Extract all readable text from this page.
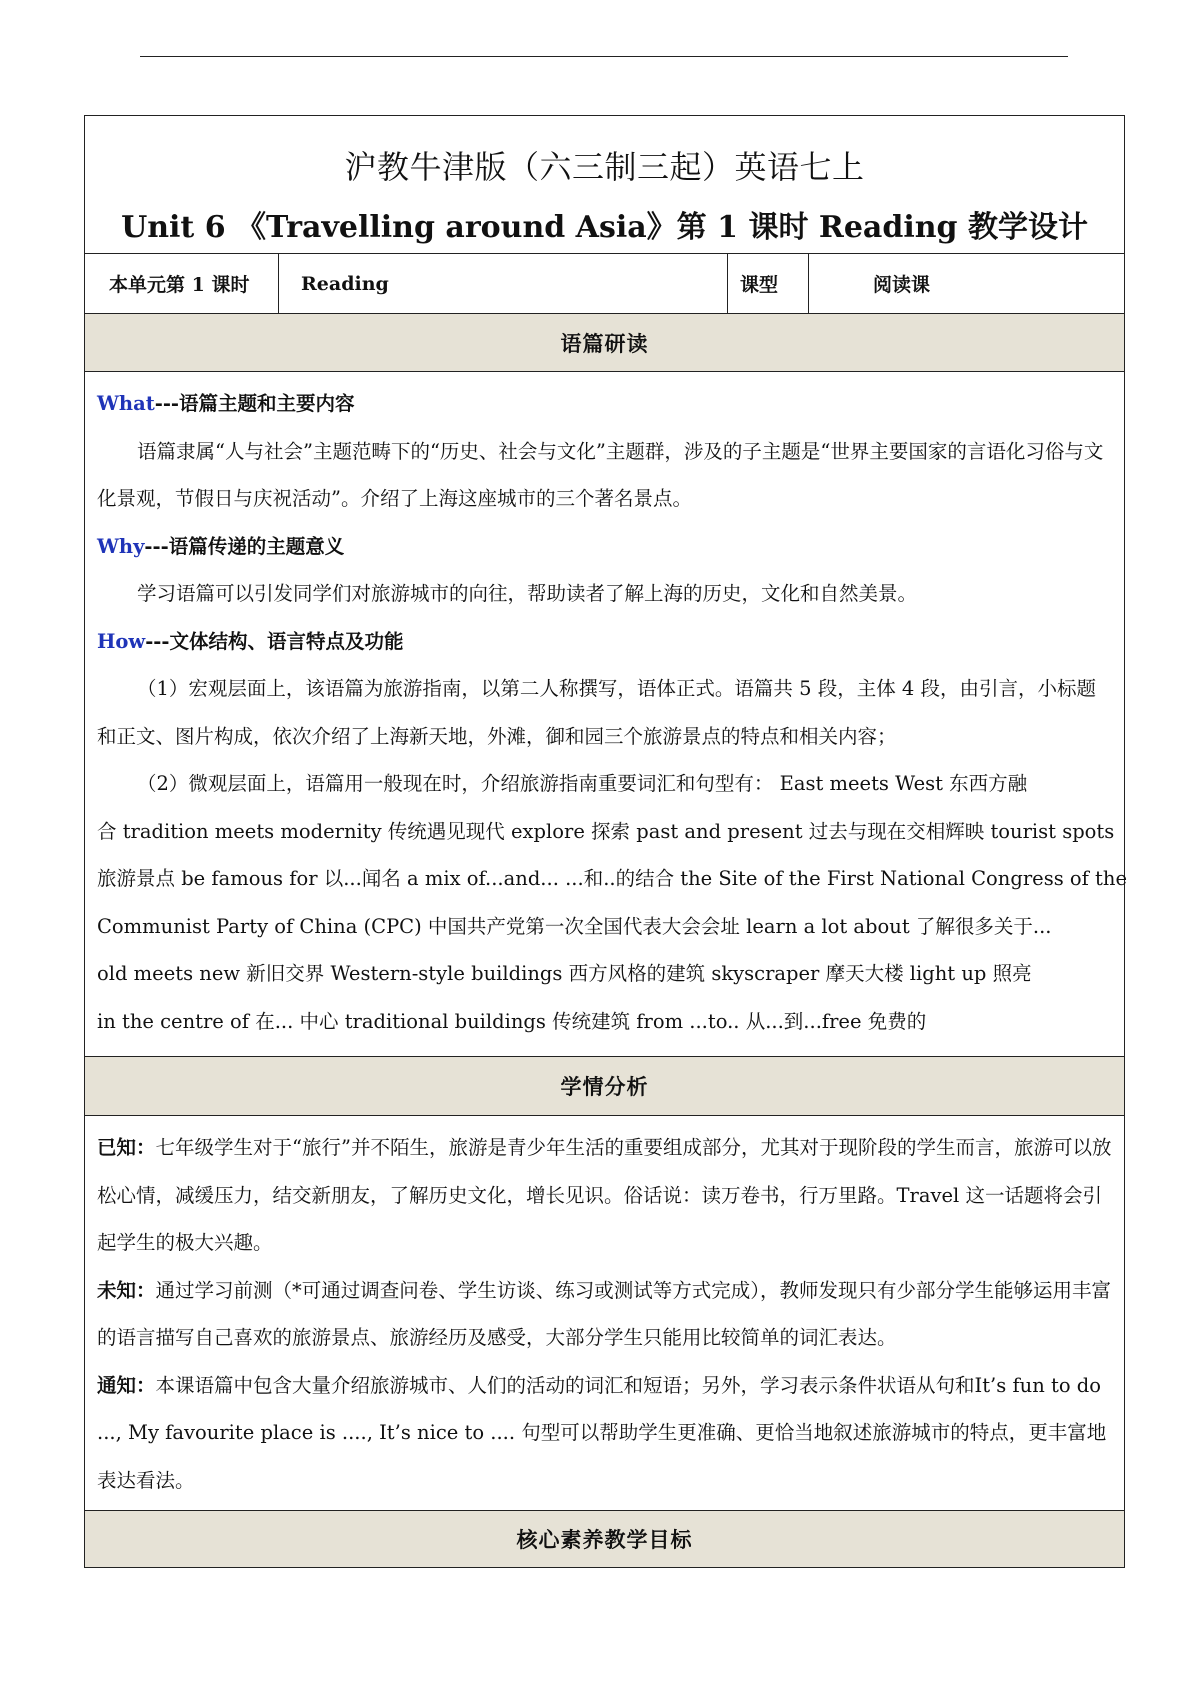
沪教牛津版（六三制三起）英语七上
Unit 6 《Travelling around Asia》第 1 课时 Reading 教学设计

本单元第 1 课时	Reading	课型	阅读课
语篇研读

What---语篇主题和主要内容

语篇隶属“人与社会”主题范畴下的“历史、社会与文化”主题群，涉及的子主题是“世界主要国家的言语化习俗与文化景观，节假日与庆祝活动”。介绍了上海这座城市的三个著名景点。

Why---语篇传递的主题意义

学习语篇可以引发同学们对旅游城市的向往，帮助读者了解上海的历史，文化和自然美景。

How---文体结构、语言特点及功能

（1）宏观层面上，该语篇为旅游指南，以第二人称撰写，语体正式。语篇共 5 段，主体 4 段，由引言，小标题和正文、图片构成，依次介绍了上海新天地，外滩，御和园三个旅游景点的特点和相关内容；

（2）微观层面上，语篇用一般现在时，介绍旅游指南重要词汇和句型有： East meets West 东西方融
合 tradition meets modernity 传统遇见现代 explore 探索 past and present 过去与现在交相辉映 tourist spots
旅游景点 be famous for 以...闻名 a mix of...and... ...和..的结合 the Site of the First National Congress of the
Communist Party of China (CPC) 中国共产党第一次全国代表大会会址 learn a lot about 了解很多关于...
old meets new 新旧交界 Western-style buildings 西方风格的建筑 skyscraper 摩天大楼 light up 照亮
in the centre of 在... 中心 traditional buildings 传统建筑 from ...to.. 从...到...free 免费的

学情分析

已知：七年级学生对于“旅行”并不陌生，旅游是青少年生活的重要组成部分，尤其对于现阶段的学生而言，旅游可以放松心情，减缓压力，结交新朋友，了解历史文化，增长见识。俗话说：读万卷书，行万里路。Travel 这一话题将会引起学生的极大兴趣。

未知：通过学习前测（*可通过调查问卷、学生访谈、练习或测试等方式完成），教师发现只有少部分学生能够运用丰富的语言描写自己喜欢的旅游景点、旅游经历及感受，大部分学生只能用比较简单的词汇表达。

通知：本课语篇中包含大量介绍旅游城市、人们的活动的词汇和短语；另外，学习表示条件状语从句和It’s fun to do ..., My favourite place is ...., It’s nice to .... 句型可以帮助学生更准确、更恰当地叙述旅游城市的特点，更丰富地表达看法。

核心素养教学目标
